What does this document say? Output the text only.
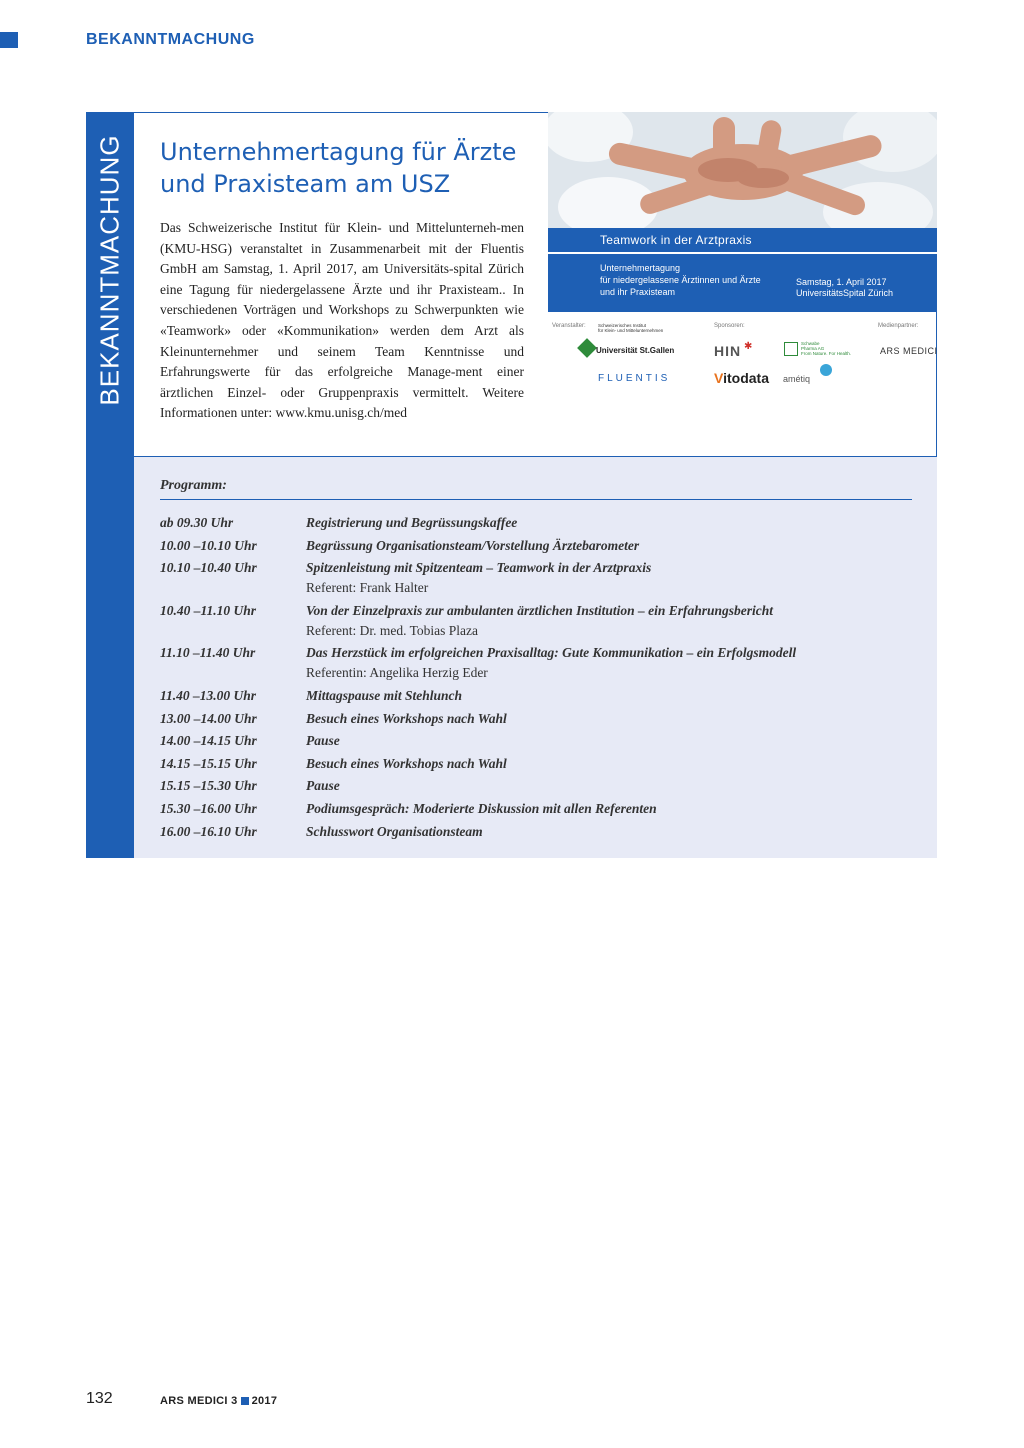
BEKANNTMACHUNG
BEKANNTMACHUNG Unternehmertagung für Ärzte
und Praxisteam am USZ

Das Schweizerische Institut für Klein- und Mittelunterneh-men (KMU-HSG) veranstaltet in Zusammenarbeit mit der Fluentis GmbH am Samstag, 1. April 2017, am Universitäts-spital Zürich eine Tagung für niedergelassene Ärzte und ihr Praxisteam.. In verschiedenen Vorträgen und Workshops zu Schwerpunkten wie «Teamwork» oder «Kommunikation» werden dem Arzt als Kleinunternehmer und seinem Team Kenntnisse und Erfahrungswerte für das erfolgreiche Manage-ment einer ärztlichen Einzel- oder Gruppenpraxis vermittelt. Weitere Informationen unter: www.kmu.unisg.ch/med

Teamwork in der Arztpraxis
Unternehmertagung
für niedergelassene Ärztinnen und Ärzte
und ihr Praxisteam
Samstag, 1. April 2017
UniversitätsSpital Zürich
Veranstalter:	Sponsoren:	Medienpartner:
Schweizerisches Institut
für Klein- und Mittelunternehmen
Universität St.Gallen
FLUENTIS
HIN ✱	Schwabe
Pharma AG
From Nature. For Health.	ARS MEDICI
Vitodata amétiq
Programm:
ab 09.30 Uhr	Registrierung und Begrüssungskaffee
10.00 –10.10 Uhr	Begrüssung Organisationsteam/Vorstellung Ärztebarometer
10.10 –10.40 Uhr	Spitzenleistung mit Spitzenteam – Teamwork in der Arztpraxis
Referent: Frank Halter
10.40 –11.10 Uhr	Von der Einzelpraxis zur ambulanten ärztlichen Institution – ein Erfahrungsbericht
Referent: Dr. med. Tobias Plaza
11.10 –11.40 Uhr	Das Herzstück im erfolgreichen Praxisalltag: Gute Kommunikation – ein Erfolgsmodell
Referentin: Angelika Herzig Eder
11.40 –13.00 Uhr	Mittagspause mit Stehlunch
13.00 –14.00 Uhr	Besuch eines Workshops nach Wahl
14.00 –14.15 Uhr	Pause
14.15 –15.15 Uhr	Besuch eines Workshops nach Wahl
15.15 –15.30 Uhr	Pause
15.30 –16.00 Uhr	Podiumsgespräch: Moderierte Diskussion mit allen Referenten
16.00 –16.10 Uhr	Schlusswort Organisationsteam
132	ARS MEDICI 3 2017
